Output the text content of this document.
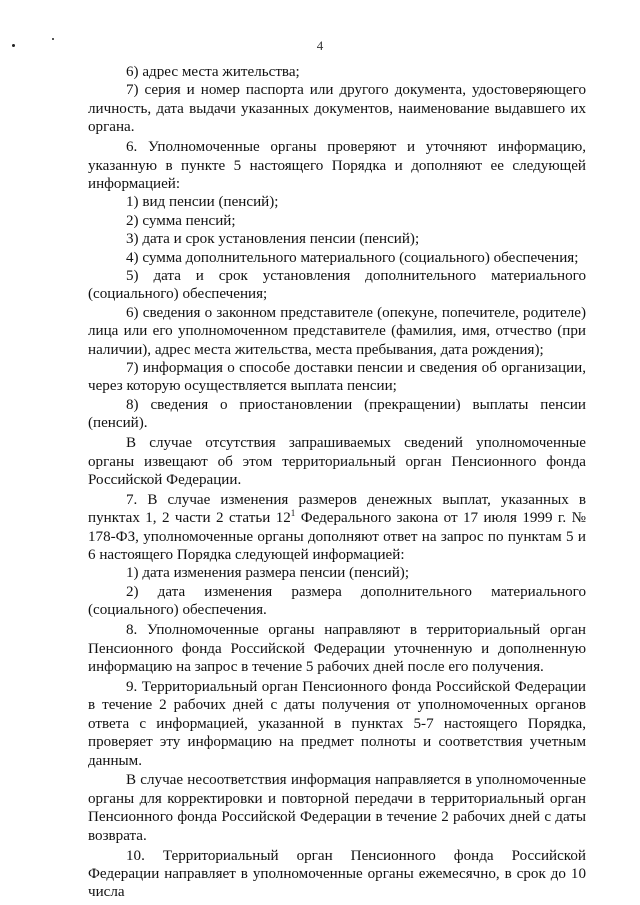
4

6) адрес места жительства;

7) серия и номер паспорта или другого документа, удостоверяющего личность, дата выдачи указанных документов, наименование выдавшего их органа.

6. Уполномоченные органы проверяют и уточняют информацию, указанную в пункте 5 настоящего Порядка и дополняют ее следующей информацией:

1) вид пенсии (пенсий);

2) сумма пенсий;

3) дата и срок установления пенсии (пенсий);

4) сумма дополнительного материального (социального) обеспечения;

5) дата и срок установления дополнительного материального (социального) обеспечения;

6) сведения о законном представителе (опекуне, попечителе, родителе) лица или его уполномоченном представителе (фамилия, имя, отчество (при наличии), адрес места жительства, места пребывания, дата рождения);

7) информация о способе доставки пенсии и сведения об организации, через которую осуществляется выплата пенсии;

8) сведения о приостановлении (прекращении) выплаты пенсии (пенсий).

В случае отсутствия запрашиваемых сведений уполномоченные органы извещают об этом территориальный орган Пенсионного фонда Российской Федерации.

7. В случае изменения размеров денежных выплат, указанных в пунктах 1, 2 части 2 статьи $12^1$ Федерального закона от 17 июля 1999 г. № 178-ФЗ, уполномоченные органы дополняют ответ на запрос по пунктам 5 и 6 настоящего Порядка следующей информацией:

1) дата изменения размера пенсии (пенсий);

2) дата изменения размера дополнительного материального (социального) обеспечения.

8. Уполномоченные органы направляют в территориальный орган Пенсионного фонда Российской Федерации уточненную и дополненную информацию на запрос в течение 5 рабочих дней после его получения.

9. Территориальный орган Пенсионного фонда Российской Федерации в течение 2 рабочих дней с даты получения от уполномоченных органов ответа с информацией, указанной в пунктах 5-7 настоящего Порядка, проверяет эту информацию на предмет полноты и соответствия учетным данным.

В случае несоответствия информация направляется в уполномоченные органы для корректировки и повторной передачи в территориальный орган Пенсионного фонда Российской Федерации в течение 2 рабочих дней с даты возврата.

10. Территориальный орган Пенсионного фонда Российской Федерации направляет в уполномоченные органы ежемесячно, в срок до 10 числа
